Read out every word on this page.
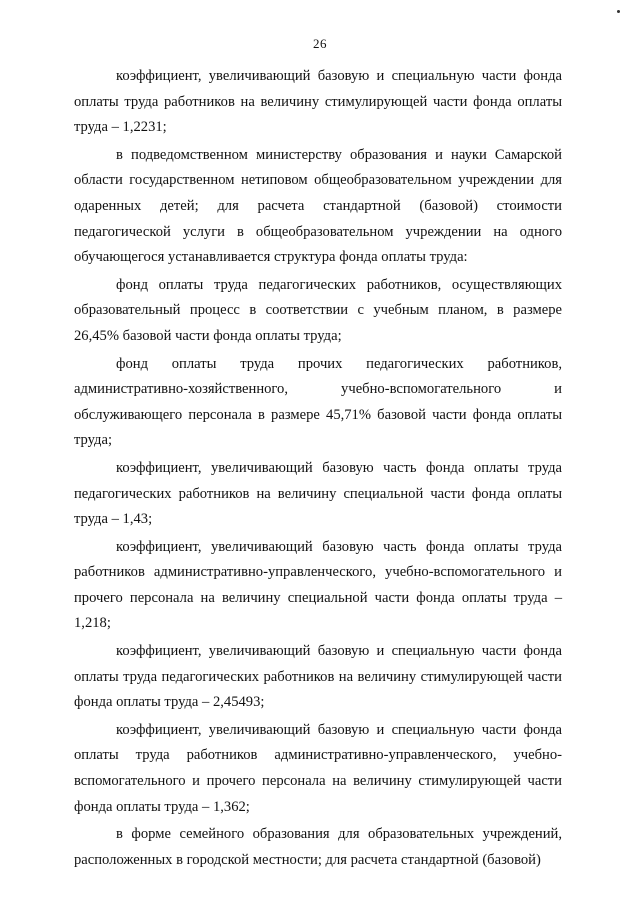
26

коэффициент, увеличивающий базовую и специальную части фонда оплаты труда работников на величину стимулирующей части фонда оплаты труда – 1,2231;

в подведомственном министерству образования и науки Самарской области государственном нетиповом общеобразовательном учреждении для одаренных детей; для расчета стандартной (базовой) стоимости педагогической услуги в общеобразовательном учреждении на одного обучающегося устанавливается структура фонда оплаты труда:

фонд оплаты труда педагогических работников, осуществляющих образовательный процесс в соответствии с учебным планом, в размере 26,45% базовой части фонда оплаты труда;

фонд оплаты труда прочих педагогических работников, административно-хозяйственного, учебно-вспомогательного и обслуживающего персонала в размере 45,71% базовой части фонда оплаты труда;

коэффициент, увеличивающий базовую часть фонда оплаты труда педагогических работников на величину специальной части фонда оплаты труда – 1,43;

коэффициент, увеличивающий базовую часть фонда оплаты труда работников административно-управленческого, учебно-вспомогательного и прочего персонала на величину специальной части фонда оплаты труда – 1,218;

коэффициент, увеличивающий базовую и специальную части фонда оплаты труда педагогических работников на величину стимулирующей части фонда оплаты труда – 2,45493;

коэффициент, увеличивающий базовую и специальную части фонда оплаты труда работников административно-управленческого, учебно-вспомогательного и прочего персонала на величину стимулирующей части фонда оплаты труда – 1,362;

в форме семейного образования для образовательных учреждений, расположенных в городской местности; для расчета стандартной (базовой)
